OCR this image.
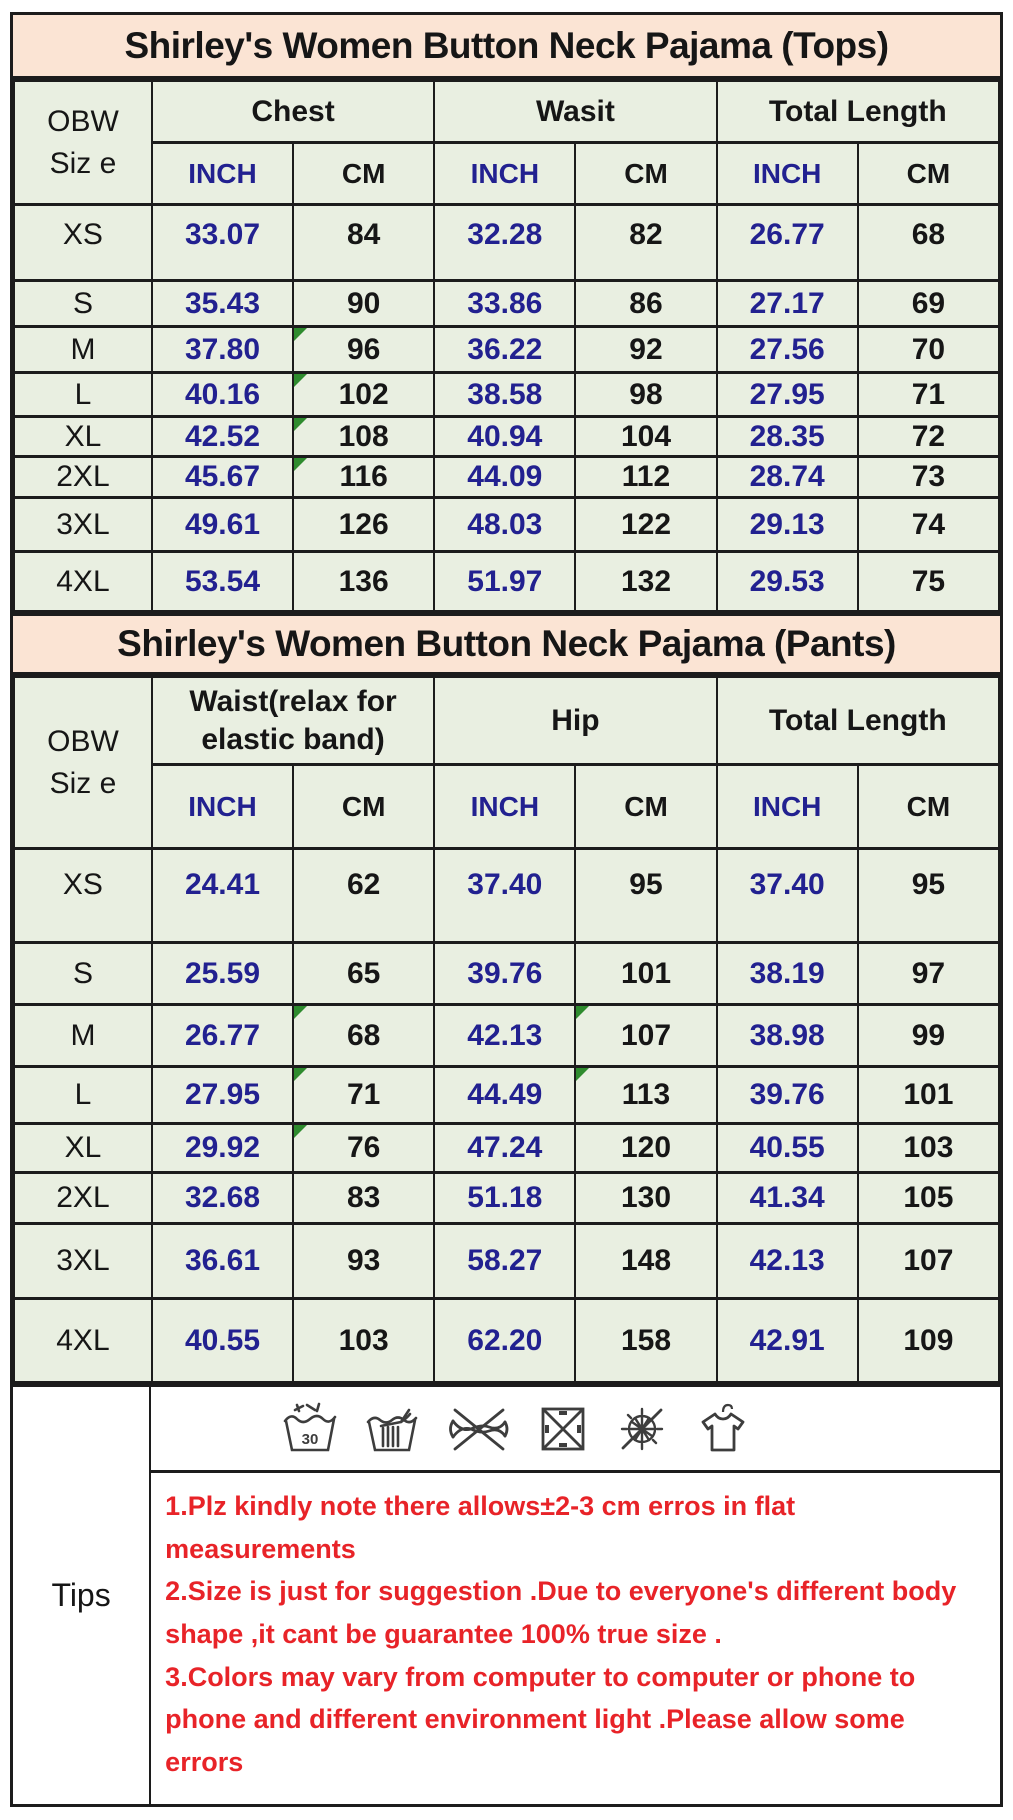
Shirley's Women Button Neck Pajama (Tops)
OBW
Siz e	Chest		Wasit		Total Length	
	INCH	CM	INCH	CM	INCH	CM
XS	33.07	84	32.28	82	26.77	68
S	35.43	90	33.86	86	27.17	69
M	37.80	96	36.22	92	27.56	70
L	40.16	102	38.58	98	27.95	71
XL	42.52	108	40.94	104	28.35	72
2XL	45.67	116	44.09	112	28.74	73
3XL	49.61	126	48.03	122	29.13	74
4XL	53.54	136	51.97	132	29.53	75
Shirley's Women Button Neck Pajama (Pants)
OBW
Siz e	Waist(relax for elastic band)		Hip		Total Length	
	INCH	CM	INCH	CM	INCH	CM
XS	24.41	62	37.40	95	37.40	95
S	25.59	65	39.76	101	38.19	97
M	26.77	68	42.13	107	38.98	99
L	27.95	71	44.49	113	39.76	101
XL	29.92	76	47.24	120	40.55	103
2XL	32.68	83	51.18	130	41.34	105
3XL	36.61	93	58.27	148	42.13	107
4XL	40.55	103	62.20	158	42.91	109
Tips
30

1.Plz kindly note there allows±2-3 cm erros in flat measurements

2.Size is just for suggestion .Due to everyone's different body shape ,it cant be guarantee 100% true size .

3.Colors may vary from computer to computer or phone to phone and different environment light .Please allow some errors
